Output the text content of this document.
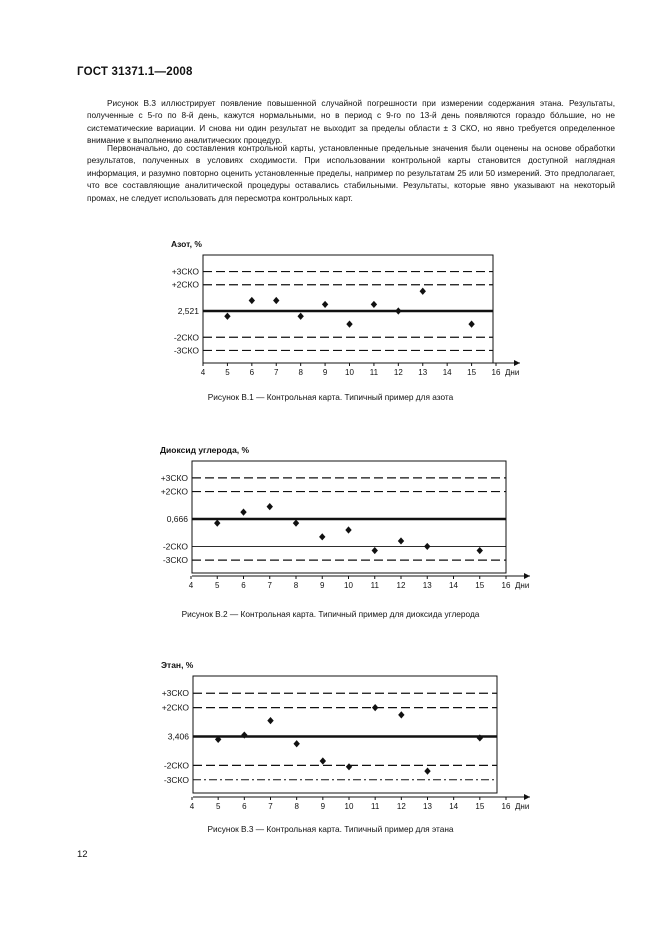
ГОСТ 31371.1—2008

Рисунок В.3 иллюстрирует появление повышенной случайной погрешности при измерении содержания этана. Результаты, полученные с 5-го по 8-й день, кажутся нормальными, но в период с 9-го по 13-й день появляются гораздо бóльшие, но не систематические вариации. И снова ни один результат не выходит за пределы области ± 3 СКО, но явно требуется определенное внимание к выполнению аналитических процедур.

Первоначально, до составления контрольной карты, установленные предельные значения были оценены на основе обработки результатов, полученных в условиях сходимости. При использовании контрольной карты становится доступной наглядная информация, и разумно повторно оценить установленные пределы, например по результатам 25 или 50 измерений. Это предполагает, что все составляющие аналитической процедуры оставались стабильными. Результаты, которые явно указывают на некоторый промах, не следует использовать для пересмотра контрольных карт.

Азот, %
+3СКО
+2СКО
2,521
-2СКО
-3СКО
4 5 6 7 8 9 10 11 12 13 14 15 16 Дни
Рисунок В.1 — Контрольная карта. Типичный пример для азота
Диоксид углерода, %
+3СКО
+2СКО
0,666
-2СКО
-3СКО
4	5	6	7	8	9 10 11 12 13 14 15 16 Дни
Рисунок В.2 — Контрольная карта. Типичный пример для диоксида углерода
Этан, %
+3СКО
+2СКО
3,406
-2СКО
-3СКО
4	5	6	7	8	9 10 11 12 13 14 15 16 Дни
Рисунок В.3 — Контрольная карта. Типичный пример для этана
12
